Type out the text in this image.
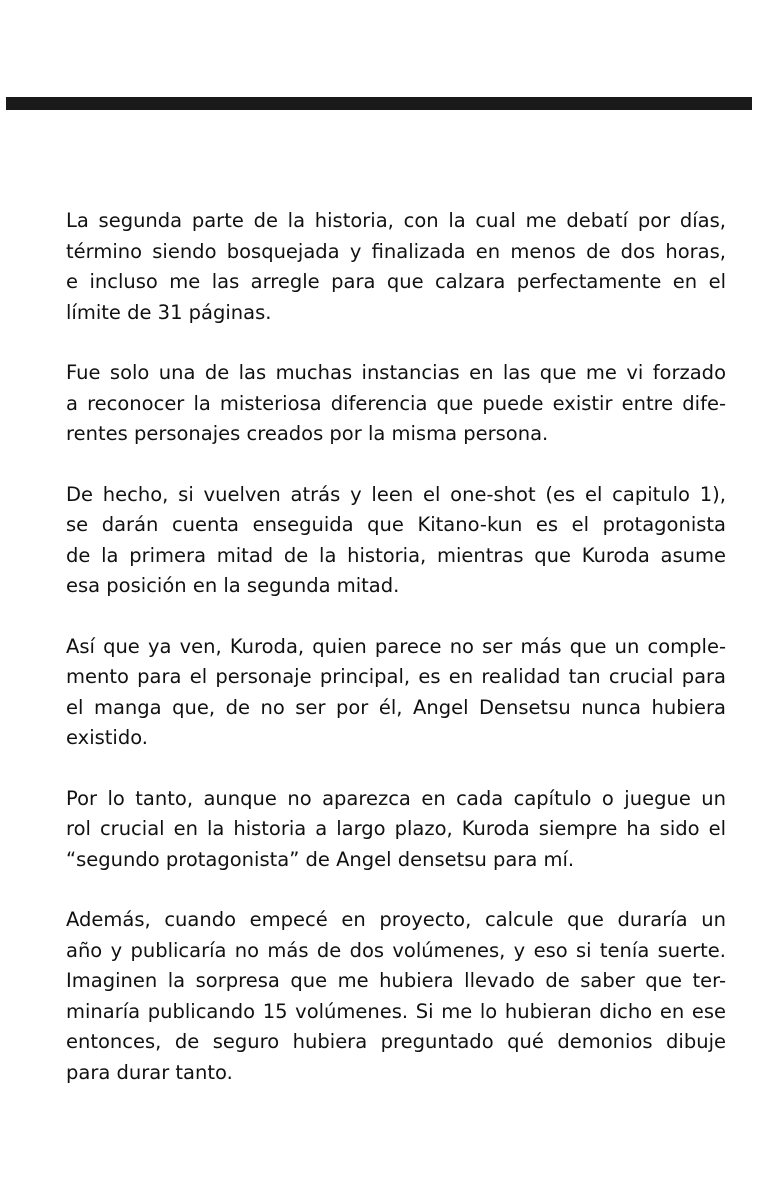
La segunda parte de la historia, con la cual me debatí por días,
término siendo bosquejada y finalizada en menos de dos horas,
e incluso me las arregle para que calzara perfectamente en el
límite de 31 páginas.
Fue solo una de las muchas instancias en las que me vi forzado
a reconocer la misteriosa diferencia que puede existir entre dife-
rentes personajes creados por la misma persona.
De hecho, si vuelven atrás y leen el one-shot (es el capitulo 1),
se darán cuenta enseguida que Kitano-kun es el protagonista
de la primera mitad de la historia, mientras que Kuroda asume
esa posición en la segunda mitad.
Así que ya ven, Kuroda, quien parece no ser más que un comple-
mento para el personaje principal, es en realidad tan crucial para
el manga que, de no ser por él, Angel Densetsu nunca hubiera
existido.
Por lo tanto, aunque no aparezca en cada capítulo o juegue un
rol crucial en la historia a largo plazo, Kuroda siempre ha sido el
“segundo protagonista” de Angel densetsu para mí.
Además, cuando empecé en proyecto, calcule que duraría un
año y publicaría no más de dos volúmenes, y eso si tenía suerte.
Imaginen la sorpresa que me hubiera llevado de saber que ter-
minaría publicando 15 volúmenes. Si me lo hubieran dicho en ese
entonces, de seguro hubiera preguntado qué demonios dibuje
para durar tanto.
